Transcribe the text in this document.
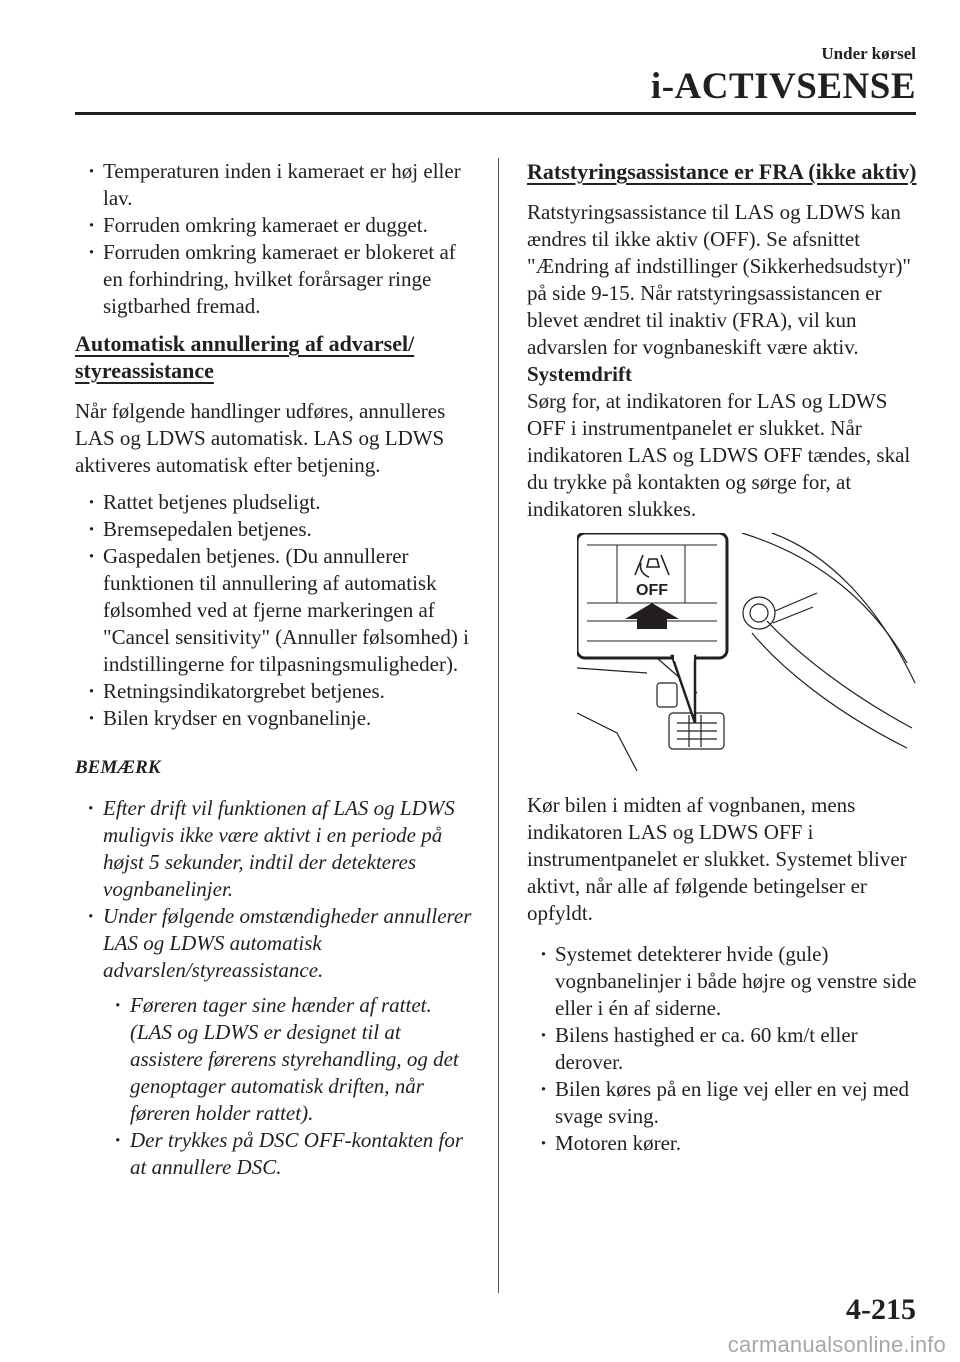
Under kørsel
i-ACTIVSENSE
· Temperaturen inden i kameraet er høj eller lav.
· Forruden omkring kameraet er dugget.
· Forruden omkring kameraet er blokeret af en forhindring, hvilket forårsager ringe sigtbarhed fremad.
Automatisk annullering af advarsel/ styreassistance

Når følgende handlinger udføres, annulleres LAS og LDWS automatisk. LAS og LDWS aktiveres automatisk efter betjening.

· Rattet betjenes pludseligt.
· Bremsepedalen betjenes.
· Gaspedalen betjenes. (Du annullerer funktionen til annullering af automatisk følsomhed ved at fjerne markeringen af "Cancel sensitivity" (Annuller følsomhed) i indstillingerne for tilpasningsmuligheder).
· Retningsindikatorgrebet betjenes.
· Bilen krydser en vognbanelinje.

BEMÆRK

· Efter drift vil funktionen af LAS og LDWS muligvis ikke være aktivt i en periode på højst 5 sekunder, indtil der detekteres vognbanelinjer.
· Under følgende omstændigheder annullerer LAS og LDWS automatisk advarslen/styreassistance.
· Føreren tager sine hænder af rattet. (LAS og LDWS er designet til at assistere førerens styrehandling, og det genoptager automatisk driften, når føreren holder rattet).
· Der trykkes på DSC OFF-kontakten for at annullere DSC.
Ratstyringsassistance er FRA (ikke aktiv)

Ratstyringsassistance til LAS og LDWS kan ændres til ikke aktiv (OFF). Se afsnittet "Ændring af indstillinger (Sikkerhedsudstyr)" på side 9-15. Når ratstyringsassistancen er blevet ændret til inaktiv (FRA), vil kun advarslen for vognbaneskift være aktiv.

Systemdrift

Sørg for, at indikatoren for LAS og LDWS OFF i instrumentpanelet er slukket. Når indikatoren LAS og LDWS OFF tændes, skal du trykke på kontakten og sørge for, at indikatoren slukkes.

OFF

Kør bilen i midten af vognbanen, mens indikatoren LAS og LDWS OFF i instrumentpanelet er slukket. Systemet bliver aktivt, når alle af følgende betingelser er opfyldt.

· Systemet detekterer hvide (gule) vognbanelinjer i både højre og venstre side eller i én af siderne.
· Bilens hastighed er ca. 60 km/t eller derover.
· Bilen køres på en lige vej eller en vej med svage sving.
· Motoren kører.
4-215
carmanualsonline.info
